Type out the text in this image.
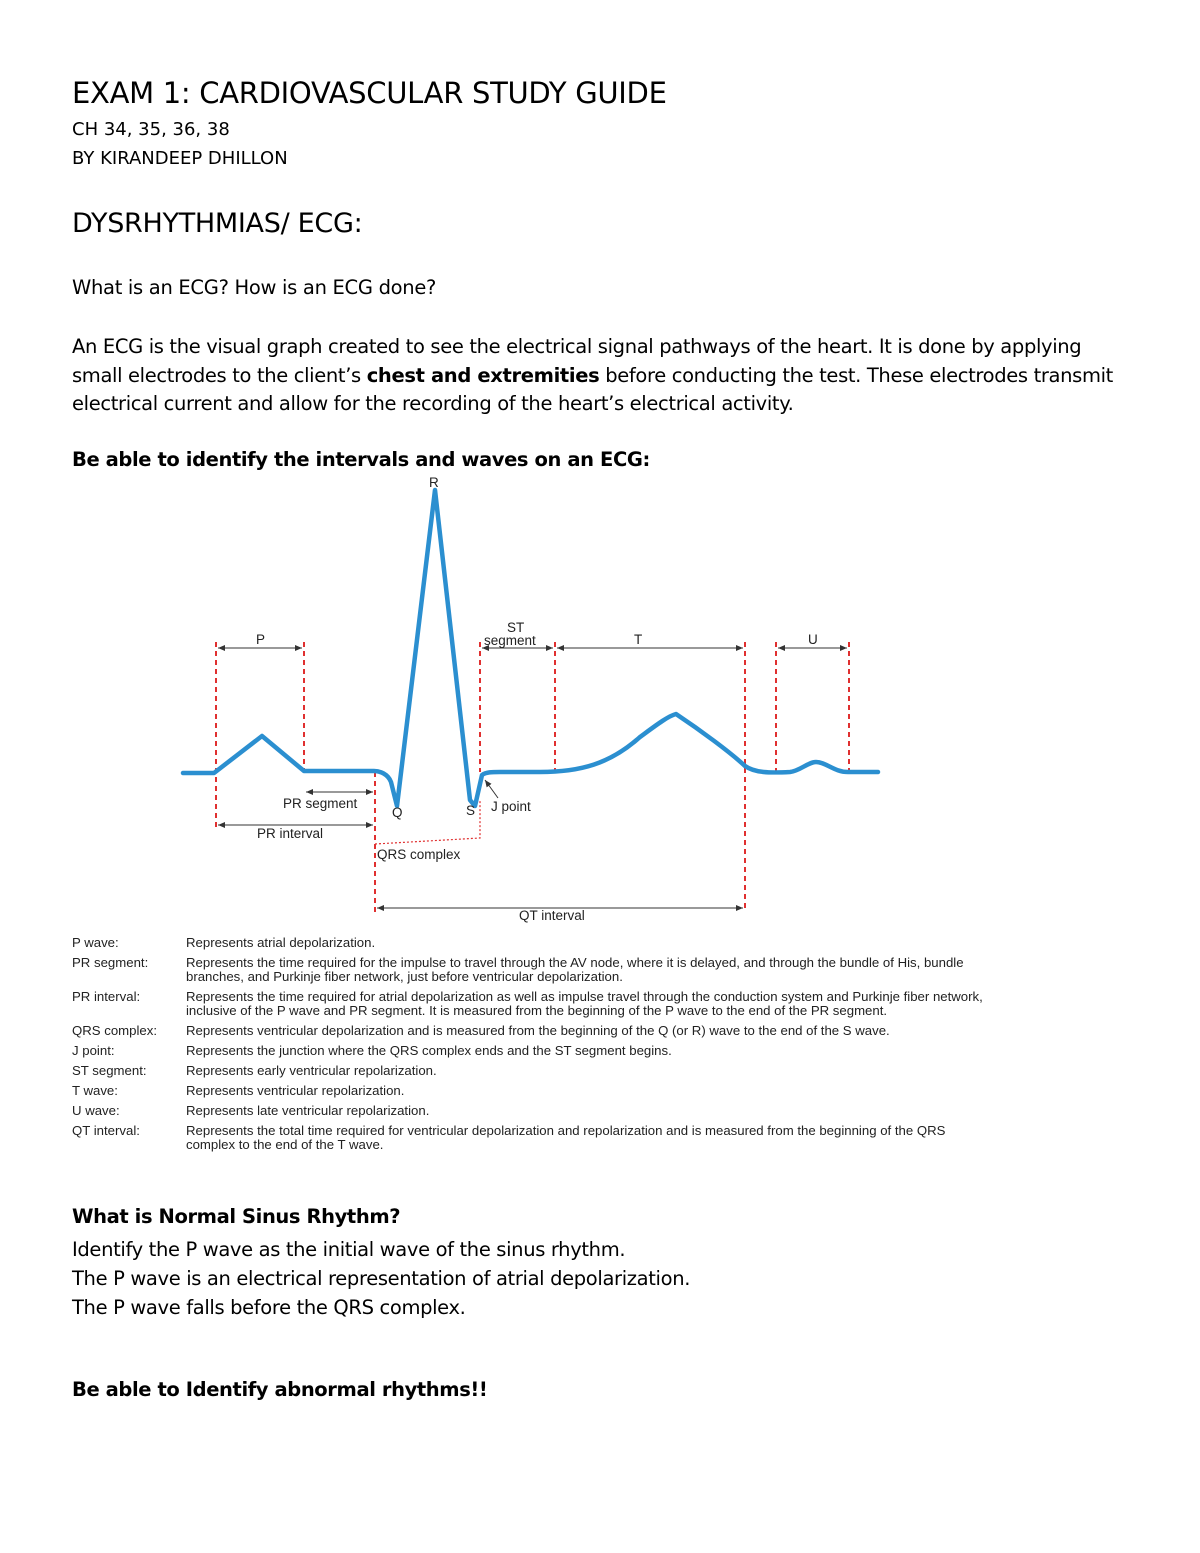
EXAM 1: CARDIOVASCULAR STUDY GUIDE
CH 34, 35, 36, 38
BY KIRANDEEP DHILLON
DYSRHYTHMIAS/ ECG:
What is an ECG? How is an ECG done?
An ECG is the visual graph created to see the electrical signal pathways of the heart. It is done by applying small electrodes to the client’s chest and extremities before conducting the test. These electrodes transmit electrical current and allow for the recording of the heart’s electrical activity.
Be able to identify the intervals and waves on an ECG:
R
P
ST
segment	T	U
PR segment
Q	S J point
PR interval
QRS complex
QT interval
P wave:	Represents atrial depolarization.
PR segment:	Represents the time required for the impulse to travel through the AV node, where it is delayed, and through the bundle of His, bundle branches, and Purkinje fiber network, just before ventricular depolarization.
PR interval:	Represents the time required for atrial depolarization as well as impulse travel through the conduction system and Purkinje fiber network, inclusive of the P wave and PR segment. It is measured from the beginning of the P wave to the end of the PR segment.
QRS complex:	Represents ventricular depolarization and is measured from the beginning of the Q (or R) wave to the end of the S wave.
J point:	Represents the junction where the QRS complex ends and the ST segment begins.
ST segment:	Represents early ventricular repolarization.
T wave:	Represents ventricular repolarization.
U wave:	Represents late ventricular repolarization.
QT interval:	Represents the total time required for ventricular depolarization and repolarization and is measured from the beginning of the QRS complex to the end of the T wave.
What is Normal Sinus Rhythm?
Identify the P wave as the initial wave of the sinus rhythm.
The P wave is an electrical representation of atrial depolarization.
The P wave falls before the QRS complex.
Be able to Identify abnormal rhythms!!
